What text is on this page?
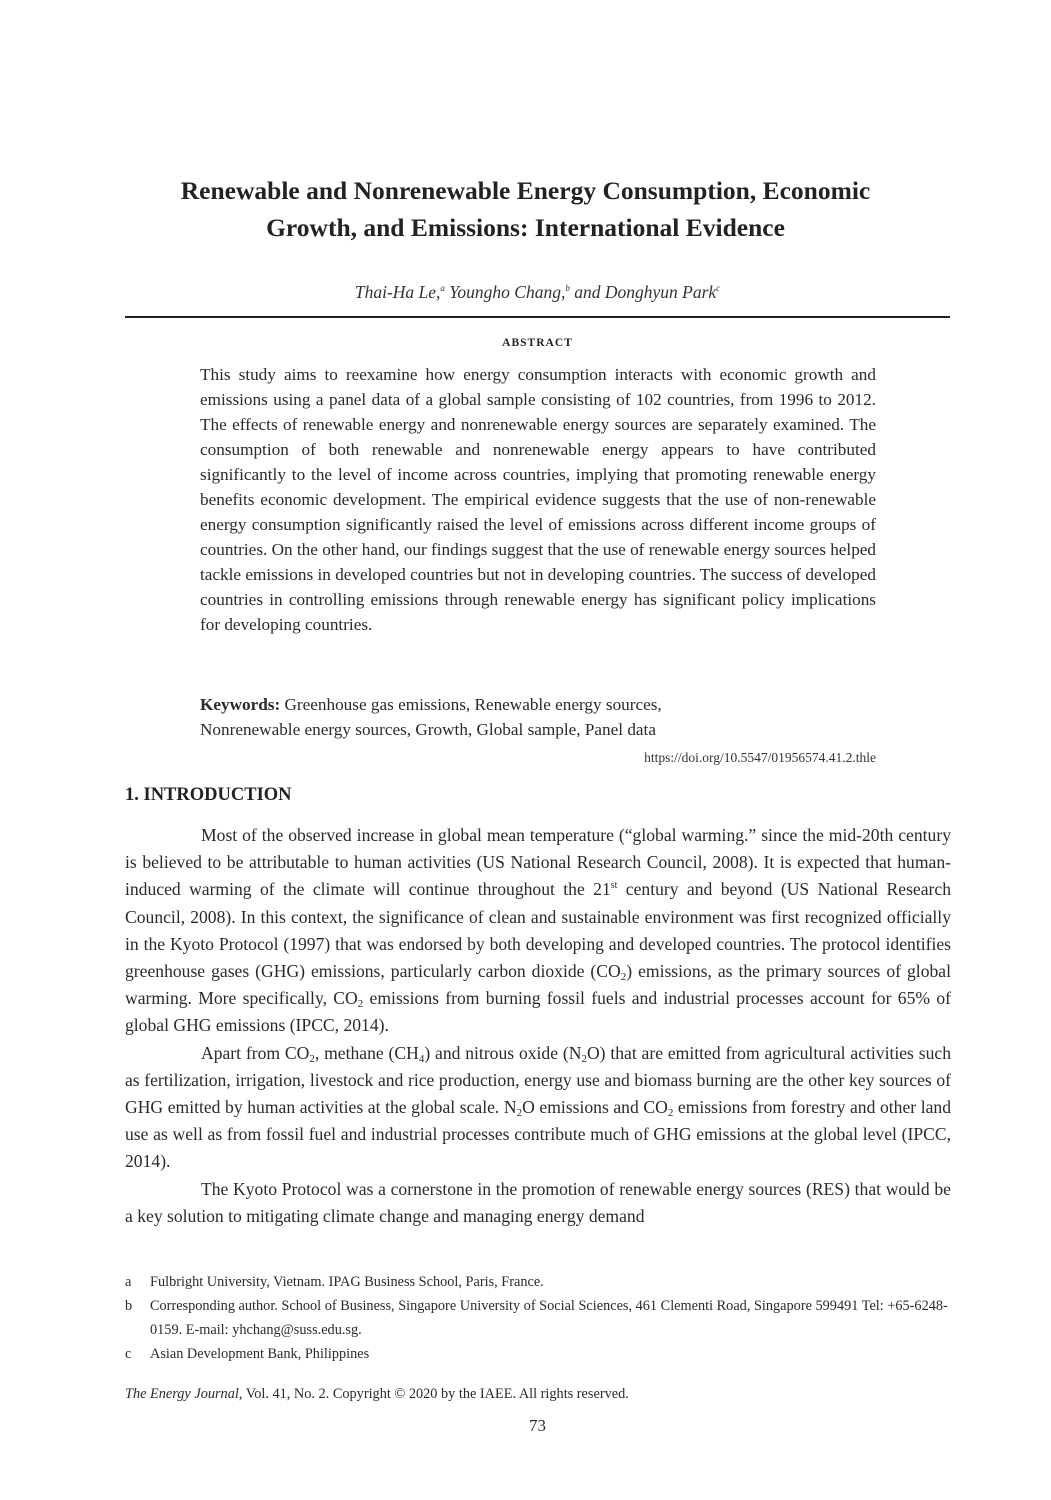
Renewable and Nonrenewable Energy Consumption, Economic
Growth, and Emissions: International Evidence
Thai-Ha Le,$^a$ Youngho Chang,$^b$ and Donghyun Park$^c$
ABSTRACT
This study aims to reexamine how energy consumption interacts with economic growth and emissions using a panel data of a global sample consisting of 102 countries, from 1996 to 2012. The effects of renewable energy and nonrenewable energy sources are separately examined. The consumption of both renewable and nonrenewable energy appears to have contributed significantly to the level of income across countries, implying that promoting renewable energy benefits economic development. The empirical evidence suggests that the use of non-renewable energy consumption significantly raised the level of emissions across different income groups of countries. On the other hand, our findings suggest that the use of renewable energy sources helped tackle emissions in developed countries but not in developing countries. The success of developed countries in controlling emissions through renewable energy has significant policy implications for developing countries.
Keywords: Greenhouse gas emissions, Renewable energy sources,
Nonrenewable energy sources, Growth, Global sample, Panel data
https://doi.org/10.5547/01956574.41.2.thle
1. INTRODUCTION

Most of the observed increase in global mean temperature (“global warming.” since the mid-20th century is believed to be attributable to human activities (US National Research Council, 2008). It is expected that human-induced warming of the climate will continue throughout the 21st century and beyond (US National Research Council, 2008). In this context, the significance of clean and sustainable environment was first recognized officially in the Kyoto Protocol (1997) that was endorsed by both developing and developed countries. The protocol identifies greenhouse gases (GHG) emissions, particularly carbon dioxide $(CO_2)$ emissions, as the primary sources of global warming. More specifically, $CO_2$ emissions from burning fossil fuels and industrial processes account for 65% of global GHG emissions (IPCC, 2014).

Apart from $CO_2$, methane $(CH_4)$ and nitrous oxide $(N_2O)$ that are emitted from agricultural activities such as fertilization, irrigation, livestock and rice production, energy use and biomass burning are the other key sources of GHG emitted by human activities at the global scale. $N_2O$ emissions and $CO_2$ emissions from forestry and other land use as well as from fossil fuel and industrial processes contribute much of GHG emissions at the global level (IPCC, 2014).

The Kyoto Protocol was a cornerstone in the promotion of renewable energy sources (RES) that would be a key solution to mitigating climate change and managing energy demand

a	Fulbright University, Vietnam. IPAG Business School, Paris, France.
b	Corresponding author. School of Business, Singapore University of Social Sciences, 461 Clementi Road, Singapore 599491 Tel: +65-6248-0159. E-mail: yhchang@suss.edu.sg.
c	Asian Development Bank, Philippines
The Energy Journal, Vol. 41, No. 2. Copyright © 2020 by the IAEE. All rights reserved.
73
